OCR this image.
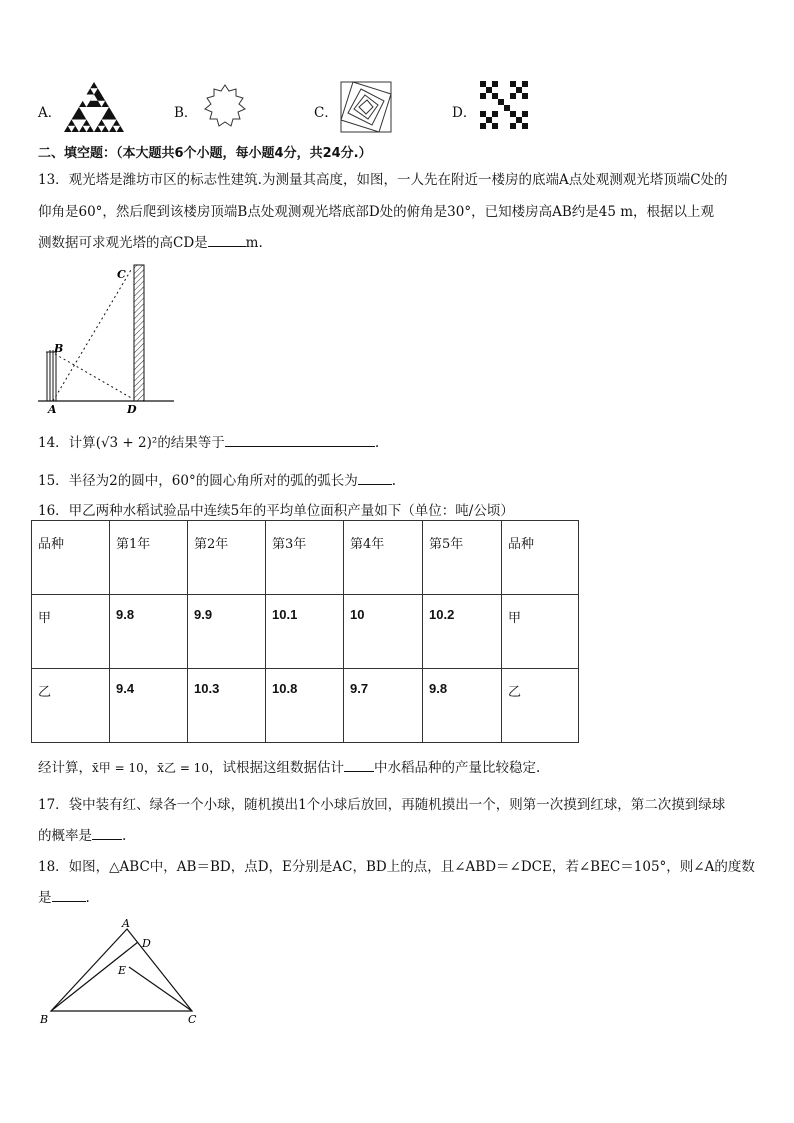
A．	B．	C．	D．
二、填空题：（本大题共6个小题，每小题4分，共24分.）
13．观光塔是潍坊市区的标志性建筑.为测量其高度，如图，一人先在附近一楼房的底端A点处观测观光塔顶端C处的
仰角是60°，然后爬到该楼房顶端B点处观测观光塔底部D处的俯角是30°，已知楼房高AB约是45 m，根据以上观
测数据可求观光塔的高CD是	m.
C
B
A	D
14．计算(√3 + 2)²的结果等于	.
15．半径为2的圆中，60°的圆心角所对的弧的弧长为	.
16．甲乙两种水稻试验品中连续5年的平均单位面积产量如下（单位：吨/公顷）
品种	第1年	第2年	第3年	第4年	第5年	品种
甲	9.8	9.9	10.1	10	10.2	甲
乙	9.4	10.3	10.8	9.7	9.8	乙
经计算，x̄甲 = 10，x̄乙 = 10，试根据这组数据估计 中水稻品种的产量比较稳定.
17．袋中装有红、绿各一个小球，随机摸出1个小球后放回，再随机摸出一个，则第一次摸到红球，第二次摸到绿球
的概率是 .
18．如图，△ABC中，AB＝BD，点D，E分别是AC，BD上的点，且∠ABD＝∠DCE，若∠BEC＝105°，则∠A的度数
是	.
A
D
E
B	C
